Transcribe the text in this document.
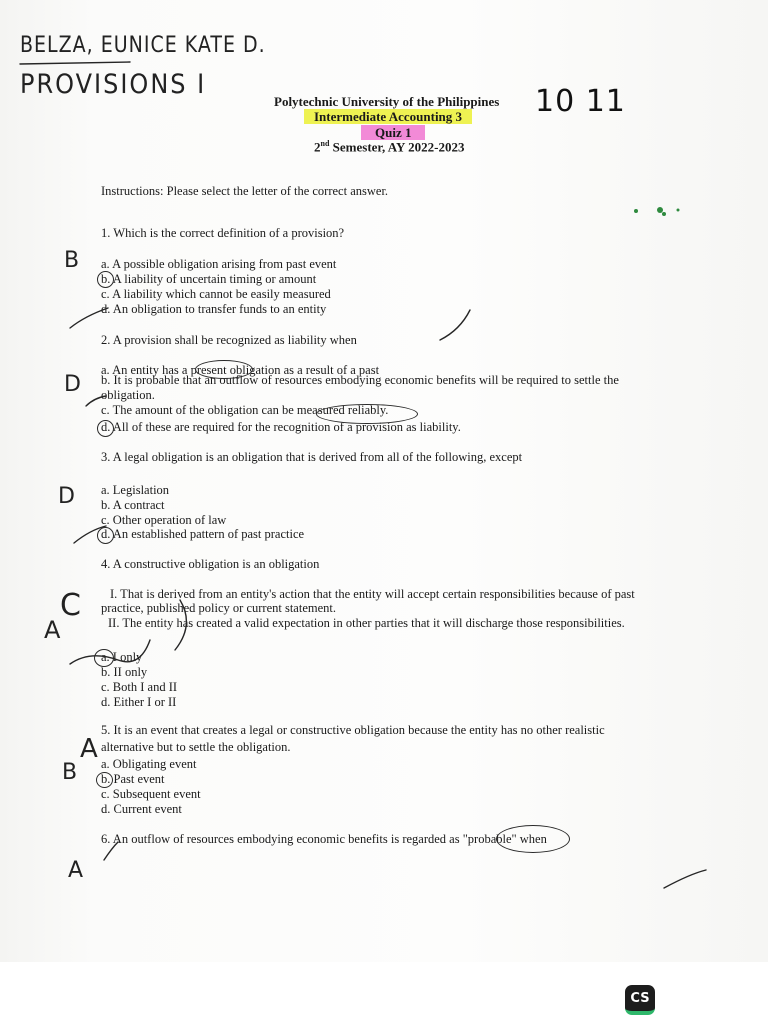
BELZA, EUNICE KATE D.
PROVISIONS I	10 11
Polytechnic University of the Philippines
Intermediate Accounting 3
Quiz 1
2nd Semester, AY 2022-2023
Instructions: Please select the letter of the correct answer.
1. Which is the correct definition of a provision?
B a. A possible obligation arising from past event
b. A liability of uncertain timing or amount
c. A liability which cannot be easily measured
d. An obligation to transfer funds to an entity
2. A provision shall be recognized as liability when
D
a. An entity has a present obligation as a result of a past
b. It is probable that an outflow of resources embodying economic benefits will be required to settle the
obligation.
c. The amount of the obligation can be measured reliably.
d. All of these are required for the recognition of a provision as liability.
3. A legal obligation is an obligation that is derived from all of the following, except
D a. Legislation
b. A contract
c. Other operation of law
d. An established pattern of past practice
4. A constructive obligation is an obligation
C
A
I. That is derived from an entity's action that the entity will accept certain responsibilities because of past
practice, published policy or current statement.
II. The entity has created a valid expectation in other parties that it will discharge those responsibilities.
a. I only
b. II only
c. Both I and II
d. Either I or II
5. It is an event that creates a legal or constructive obligation because the entity has no other realistic
alternative but to settle the obligation.
B
A a. Obligating event
b. Past event
c. Subsequent event
d. Current event
6. An outflow of resources embodying economic benefits is regarded as "probable" when
A
CS
